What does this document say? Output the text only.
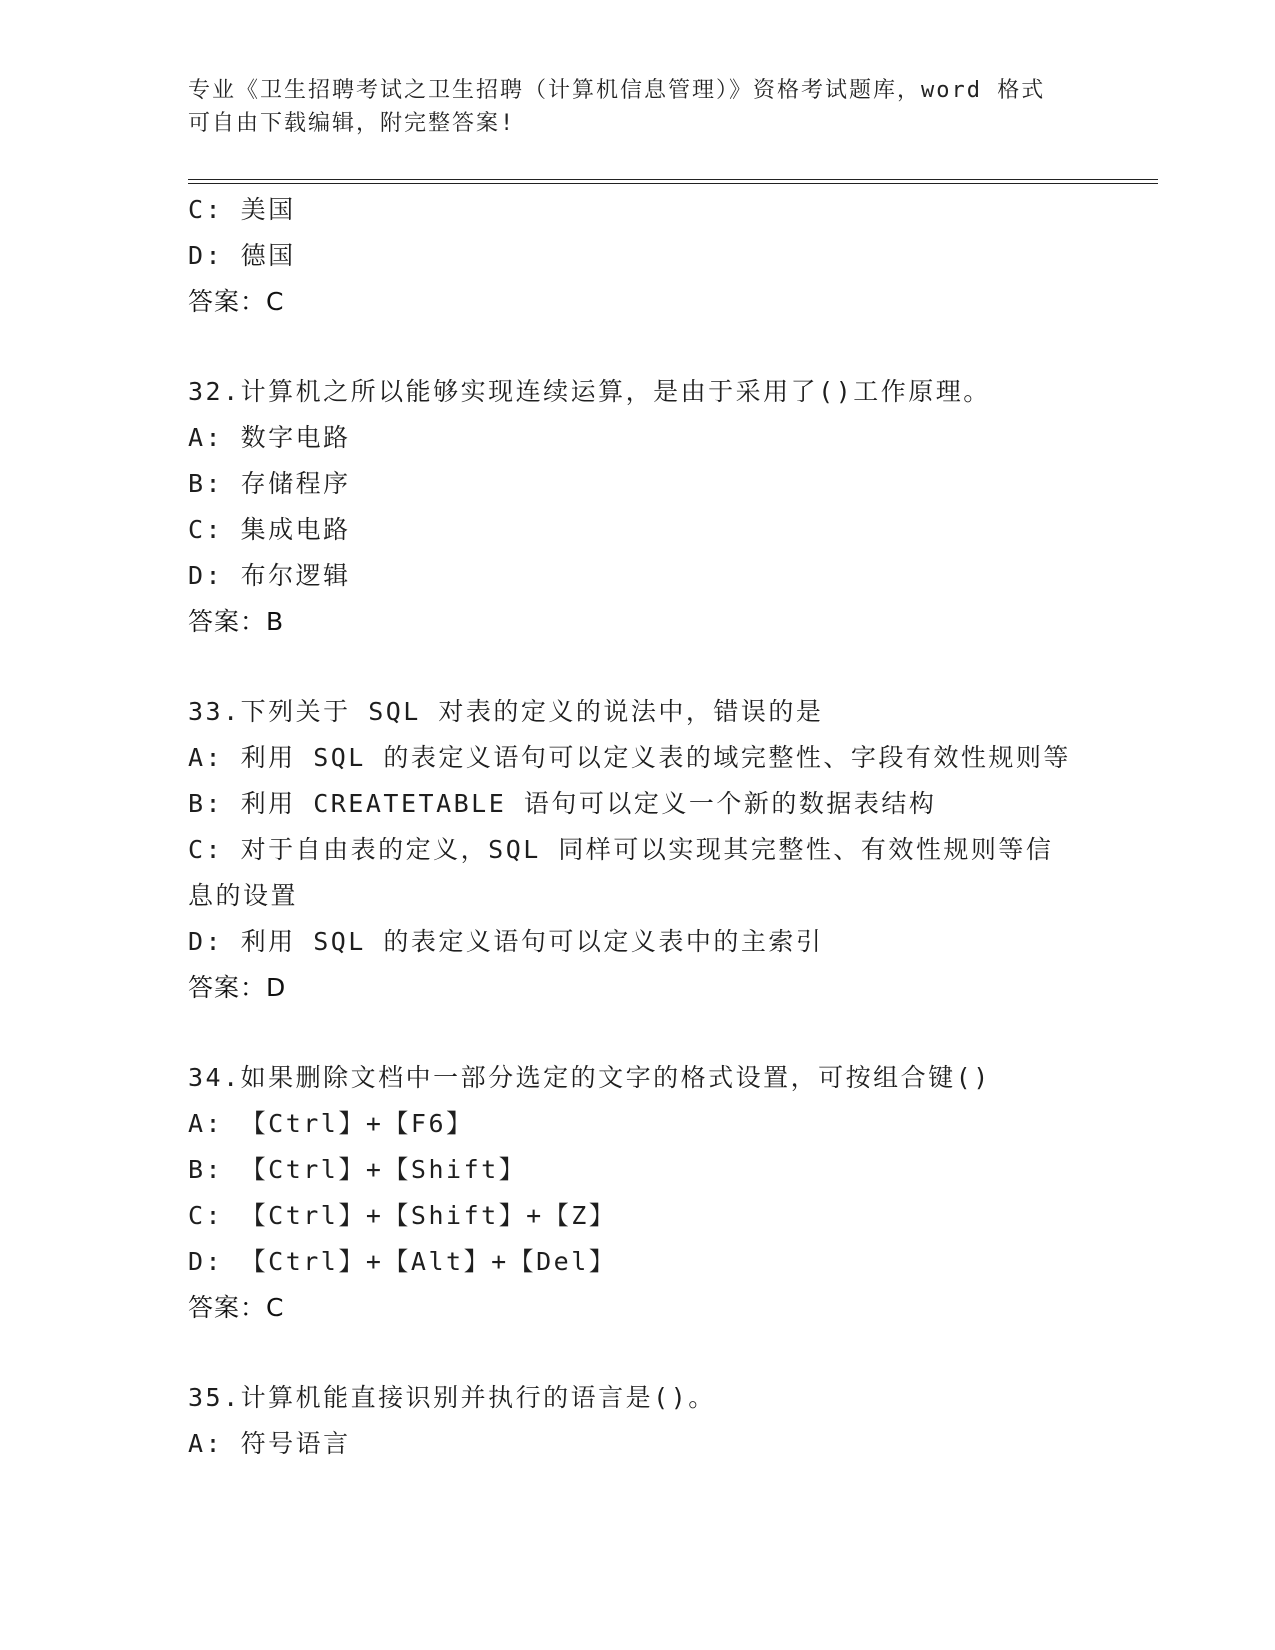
专业《卫生招聘考试之卫生招聘（计算机信息管理）》资格考试题库，word 格式
可自由下载编辑，附完整答案!
C: 美国
D: 德国
答案：C
32.计算机之所以能够实现连续运算，是由于采用了()工作原理。
A: 数字电路
B: 存储程序
C: 集成电路
D: 布尔逻辑
答案：B
33.下列关于 SQL 对表的定义的说法中，错误的是
A: 利用 SQL 的表定义语句可以定义表的域完整性、字段有效性规则等
B: 利用 CREATETABLE 语句可以定义一个新的数据表结构
C: 对于自由表的定义，SQL 同样可以实现其完整性、有效性规则等信
息的设置
D: 利用 SQL 的表定义语句可以定义表中的主索引
答案：D
34.如果删除文档中一部分选定的文字的格式设置，可按组合键()
A: 【Ctrl】+【F6】
B: 【Ctrl】+【Shift】
C: 【Ctrl】+【Shift】+【Z】
D: 【Ctrl】+【Alt】+【Del】
答案：C
35.计算机能直接识别并执行的语言是()。
A: 符号语言
